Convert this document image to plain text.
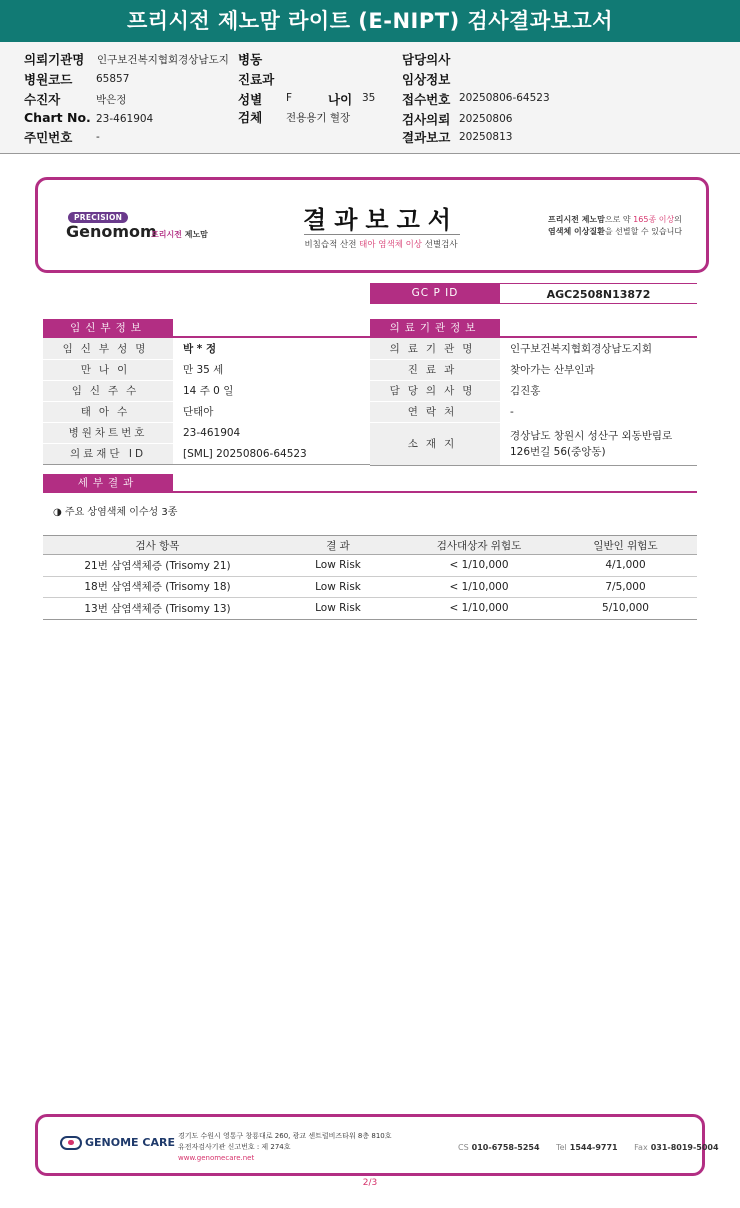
프리시전 제노맘 라이트 (E-NIPT) 검사결과보고서
의뢰기관명 인구보건복지협회경상남도지 병동	담당의사
병원코드 65857	진료과	임상정보
수진자	박은정	성별 F	나이 35 접수번호 20250806-64523
Chart No. 23-461904	검체 전용용기 혈장	검사의뢰 20250806
주민번호 -	결과보고 20250813
PRECISION
Genomom
프리시전 제노맘
결과보고서
비침습적 산전 태아 염색체 이상 선별검사
프리시전 제노맘으로 약 165종 이상의
염색체 이상질환을 선별할 수 있습니다
GC P ID	AGC2508N13872
임신부정보	의료기관정보
임신부성명	박 * 정
만나이	만 35 세
임신주수	14 주 0 일
태아수	단태아
병원차트번호	23-461904
의료재단 ID	[SML] 20250806-64523
의료기관명	인구보건복지협회경상남도지회
진료과	찾아가는 산부인과
담당의사명	김진홍
연락처	-
소재지	경상남도 창원시 성산구 외동반림로
126번길 56(중앙동)
세부결과
◑ 주요 상염색체 이수성 3종
검사 항목	결 과	검사대상자 위험도	일반인 위험도
21번 삼염색체증 (Trisomy 21)	Low Risk	< 1/10,000	4/1,000
18번 삼염색체증 (Trisomy 18)	Low Risk	< 1/10,000	7/5,000
13번 삼염색체증 (Trisomy 13)	Low Risk	< 1/10,000	5/10,000
GENOME CARE 경기도 수원시 영통구 창룡대로 260, 광교 센트럴비즈타워 8층 810호
유전자검사기관 신고번호 : 제 274호
www.genomecare.net
CS 010-6758-5254 Tel 1544-9771 Fax 031-8019-5004
2/3
